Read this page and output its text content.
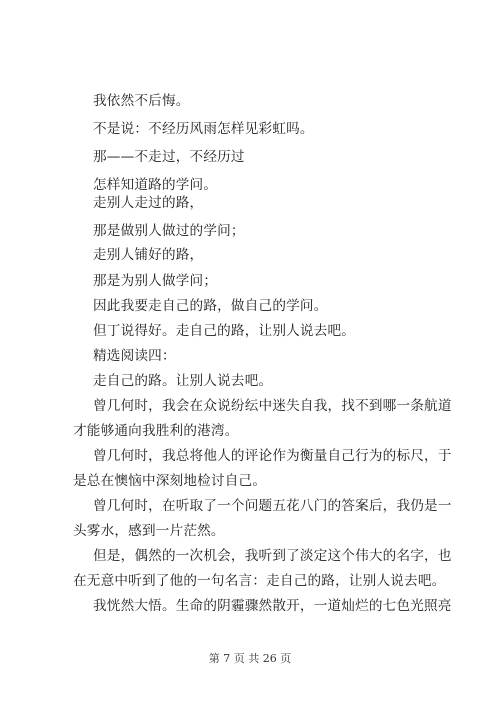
我依然不后悔。
不是说：不经历风雨怎样见彩虹吗。
那——不走过，不经历过
怎样知道路的学问。
走别人走过的路，
那是做别人做过的学问；
走别人铺好的路，
那是为别人做学问；
因此我要走自己的路，做自己的学问。
但丁说得好。走自己的路，让别人说去吧。
精选阅读四：
走自己的路。让别人说去吧。
曾几何时，我会在众说纷纭中迷失自我，找不到哪一条航道
才能够通向我胜利的港湾。
曾几何时，我总将他人的评论作为衡量自己行为的标尺，于
是总在懊恼中深刻地检讨自己。
曾几何时，在听取了一个问题五花八门的答案后，我仍是一
头雾水，感到一片茫然。
但是，偶然的一次机会，我听到了淡定这个伟大的名字，也
在无意中听到了他的一句名言：走自己的路，让别人说去吧。
我恍然大悟。生命的阴霾骤然散开，一道灿烂的七色光照亮
第 7 页 共 26 页
